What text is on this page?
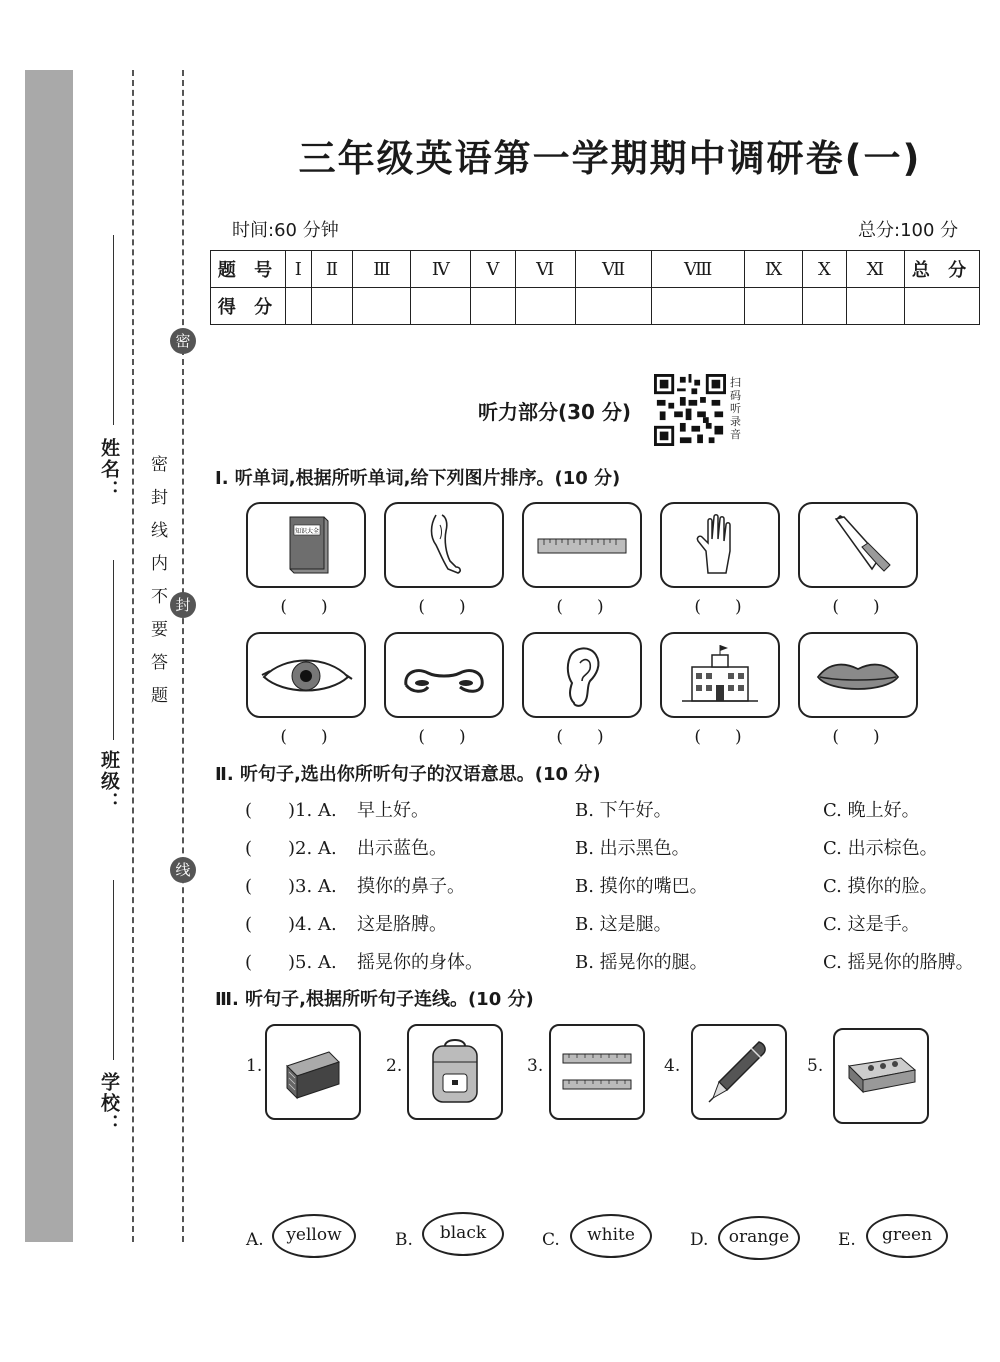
姓名：
班级：
学校：
密
封
线
密封线内不要答题
三年级英语第一学期期中调研卷(一)
时间:60 分钟	总分:100 分
题 号	Ⅰ	Ⅱ	Ⅲ	Ⅳ	Ⅴ	Ⅵ	Ⅶ	Ⅷ	Ⅸ	Ⅹ	Ⅺ	总 分
得 分												
听力部分(30 分)
扫码听录音
Ⅰ. 听单词,根据所听单词,给下列图片排序。(10 分)
知识大全
(　　)	(　　)	(　　)	(　　)	(　　)
(　　)	(　　)	(　　)	(　　)	(　　)
Ⅱ. 听句子,选出你所听句子的汉语意思。(10 分)
(　　)1. A. 早上好。	B. 下午好。	C. 晚上好。
(　　)2. A. 出示蓝色。	B. 出示黑色。	C. 出示棕色。
(　　)3. A. 摸你的鼻子。	B. 摸你的嘴巴。	C. 摸你的脸。
(　　)4. A. 这是胳膊。	B. 这是腿。	C. 这是手。
(　　)5. A. 摇晃你的身体。	B. 摇晃你的腿。	C. 摇晃你的胳膊。
Ⅲ. 听句子,根据所听句子连线。(10 分)
1.	2.	3.	4.	5.
A.	yellow	B.	black	C.	white	D.	orange	E.	green
